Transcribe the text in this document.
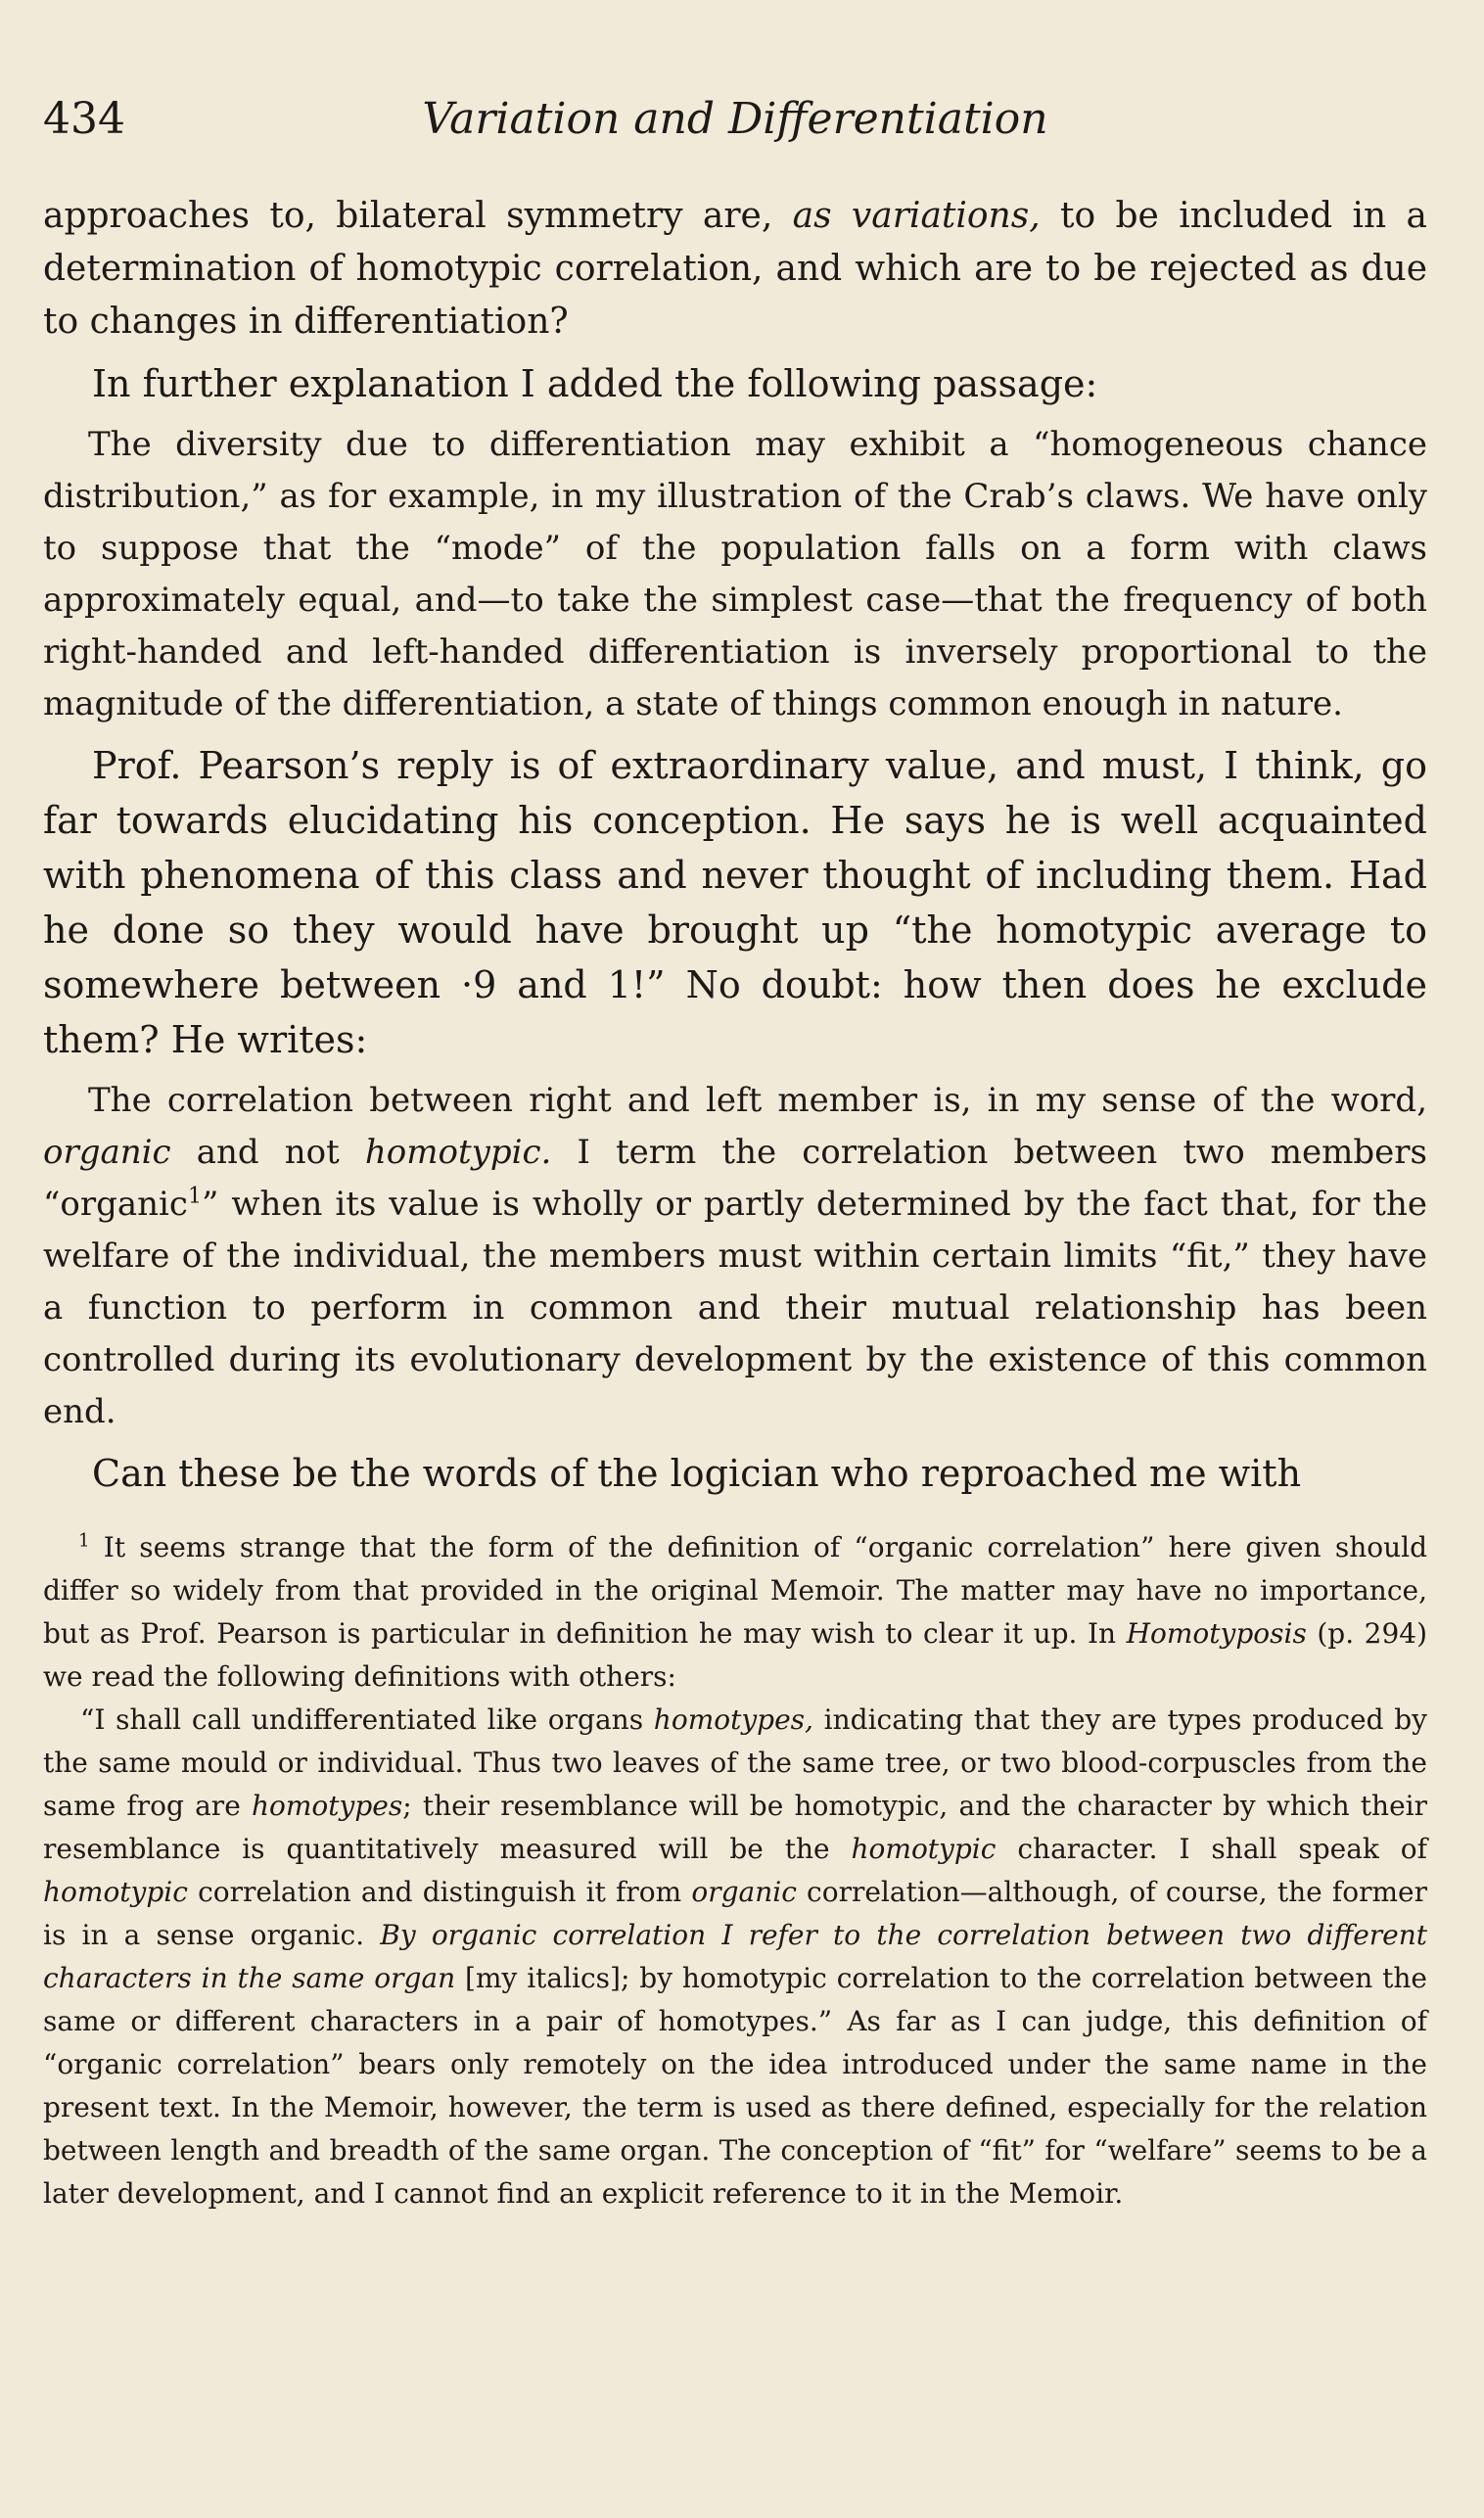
434	Variation and Differentiation

approaches to, bilateral symmetry are, as variations, to be included in a determination of homotypic correlation, and which are to be rejected as due to changes in differentiation?

In further explanation I added the following passage:

The diversity due to differentiation may exhibit a “homogeneous chance distribution,” as for example, in my illustration of the Crab’s claws. We have only to suppose that the “mode” of the population falls on a form with claws approximately equal, and—to take the simplest case—that the frequency of both right-handed and left-handed differentiation is inversely proportional to the magnitude of the differentiation, a state of things common enough in nature.

Prof. Pearson’s reply is of extraordinary value, and must, I think, go far towards elucidating his conception. He says he is well acquainted with phenomena of this class and never thought of including them. Had he done so they would have brought up “the homotypic average to somewhere between ·9 and 1!” No doubt: how then does he exclude them? He writes:

The correlation between right and left member is, in my sense of the word, organic and not homotypic. I term the correlation between two members “organic$^1$” when its value is wholly or partly determined by the fact that, for the welfare of the individual, the members must within certain limits “fit,” they have a function to perform in common and their mutual relationship has been controlled during its evolutionary development by the existence of this common end.

Can these be the words of the logician who reproached me with

$^1$ It seems strange that the form of the definition of “organic correlation” here given should differ so widely from that provided in the original Memoir. The matter may have no importance, but as Prof. Pearson is particular in definition he may wish to clear it up. In Homotyposis (p. 294) we read the following definitions with others:

“I shall call undifferentiated like organs homotypes, indicating that they are types produced by the same mould or individual. Thus two leaves of the same tree, or two blood-corpuscles from the same frog are homotypes; their resemblance will be homotypic, and the character by which their resemblance is quantitatively measured will be the homotypic character. I shall speak of homotypic correlation and distinguish it from organic correlation—although, of course, the former is in a sense organic. By organic correlation I refer to the correlation between two different characters in the same organ [my italics]; by homotypic correlation to the correlation between the same or different characters in a pair of homotypes.” As far as I can judge, this definition of “organic correlation” bears only remotely on the idea introduced under the same name in the present text. In the Memoir, however, the term is used as there defined, especially for the relation between length and breadth of the same organ. The conception of “fit” for “welfare” seems to be a later development, and I cannot find an explicit reference to it in the Memoir.
